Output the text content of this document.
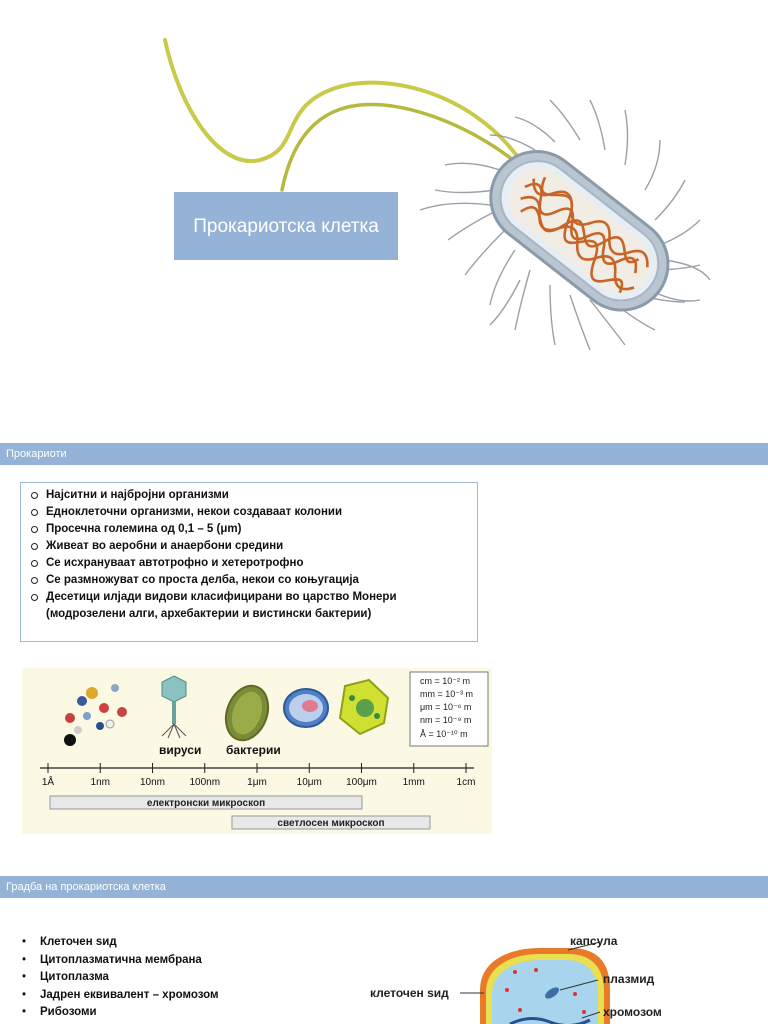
Прокариотска клетка
Прокариоти
Најситни и најбројни организми
Едноклеточни организми, некои создаваат колонии
Просечна големина од 0,1 – 5 (μm)
Живеат во аеробни и анаербони средини
Се исхрануваат автотрофно и хетеротрофно
Се размножуват со проста делба, некои со коњугација
Десетици илјади видови класифицирани во царство Монери (модрозелени алги, архебактерии и вистински бактерии)
cm = 10⁻² m
mm = 10⁻³ m
μm = 10⁻⁶ m
nm = 10⁻⁹ m
Å = 10⁻¹⁰ m
вируси бактерии
1Å	1nm	10nm 100nm	1μm	10μm 100μm	1mm	1cm
електронски микроскоп
светлосен микроскоп
Градба на прокариотска клетка
• Клеточен ѕид
• Цитоплазматична мембрана
• Цитоплазма
• Јадрен еквивалент – хромозом
• Рибозоми
капсула
плазмид
клеточен ѕид
хромозом
